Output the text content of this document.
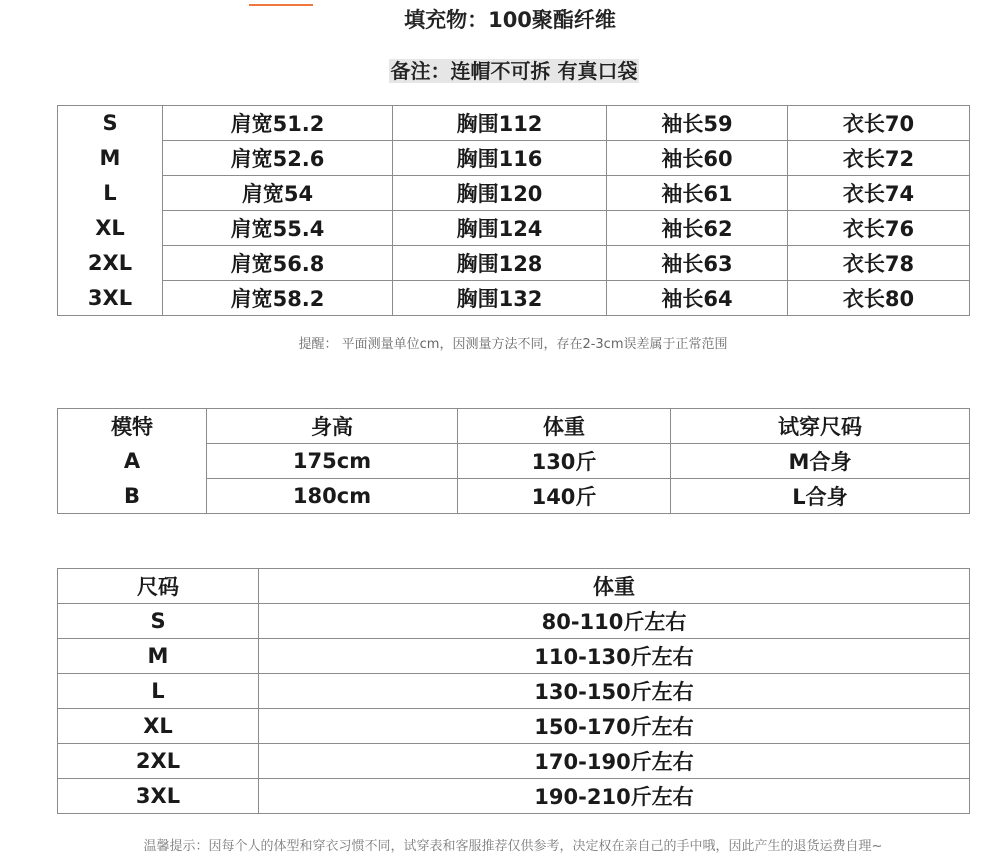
填充物：100聚酯纤维
备注：连帽不可拆 有真口袋
S	肩宽51.2	胸围112	袖长59	衣长70
M	肩宽52.6	胸围116	袖长60	衣长72
L	肩宽54	胸围120	袖长61	衣长74
XL	肩宽55.4	胸围124	袖长62	衣长76
2XL	肩宽56.8	胸围128	袖长63	衣长78
3XL	肩宽58.2	胸围132	袖长64	衣长80
提醒： 平面测量单位cm，因测量方法不同，存在2-3cm误差属于正常范围
模特	身高	体重	试穿尺码
A	175cm	130斤	M合身
B	180cm	140斤	L合身
尺码	体重
S	80-110斤左右
M	110-130斤左右
L	130-150斤左右
XL	150-170斤左右
2XL	170-190斤左右
3XL	190-210斤左右
温馨提示：因每个人的体型和穿衣习惯不同，试穿表和客服推荐仅供参考，决定权在亲自己的手中哦，因此产生的退货运费自理~
